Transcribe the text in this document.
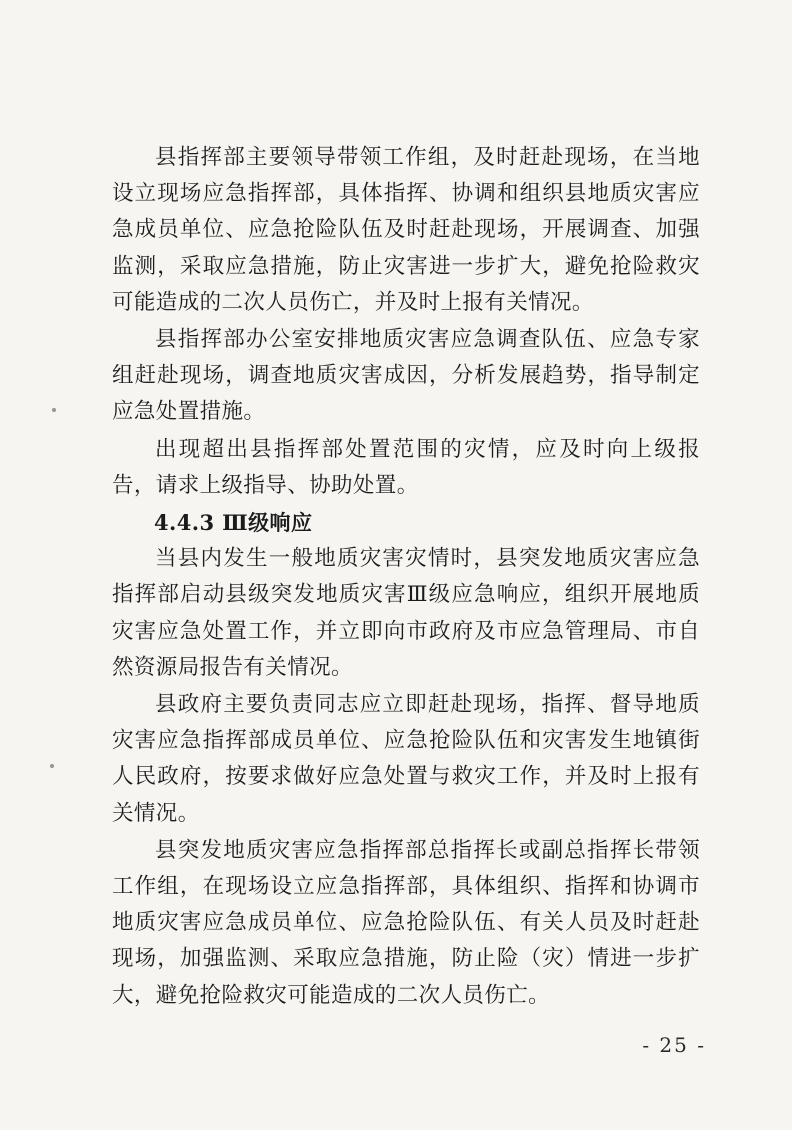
县指挥部主要领导带领工作组，及时赶赴现场，在当地设立现场应急指挥部，具体指挥、协调和组织县地质灾害应急成员单位、应急抢险队伍及时赶赴现场，开展调查、加强监测，采取应急措施，防止灾害进一步扩大，避免抢险救灾可能造成的二次人员伤亡，并及时上报有关情况。

县指挥部办公室安排地质灾害应急调查队伍、应急专家组赶赴现场，调查地质灾害成因，分析发展趋势，指导制定应急处置措施。

出现超出县指挥部处置范围的灾情，应及时向上级报告，请求上级指导、协助处置。

4.4.3 Ⅲ级响应

当县内发生一般地质灾害灾情时，县突发地质灾害应急指挥部启动县级突发地质灾害Ⅲ级应急响应，组织开展地质灾害应急处置工作，并立即向市政府及市应急管理局、市自然资源局报告有关情况。

县政府主要负责同志应立即赶赴现场，指挥、督导地质灾害应急指挥部成员单位、应急抢险队伍和灾害发生地镇街人民政府，按要求做好应急处置与救灾工作，并及时上报有关情况。

县突发地质灾害应急指挥部总指挥长或副总指挥长带领工作组，在现场设立应急指挥部，具体组织、指挥和协调市地质灾害应急成员单位、应急抢险队伍、有关人员及时赶赴现场，加强监测、采取应急措施，防止险（灾）情进一步扩大，避免抢险救灾可能造成的二次人员伤亡。

- 25 -
